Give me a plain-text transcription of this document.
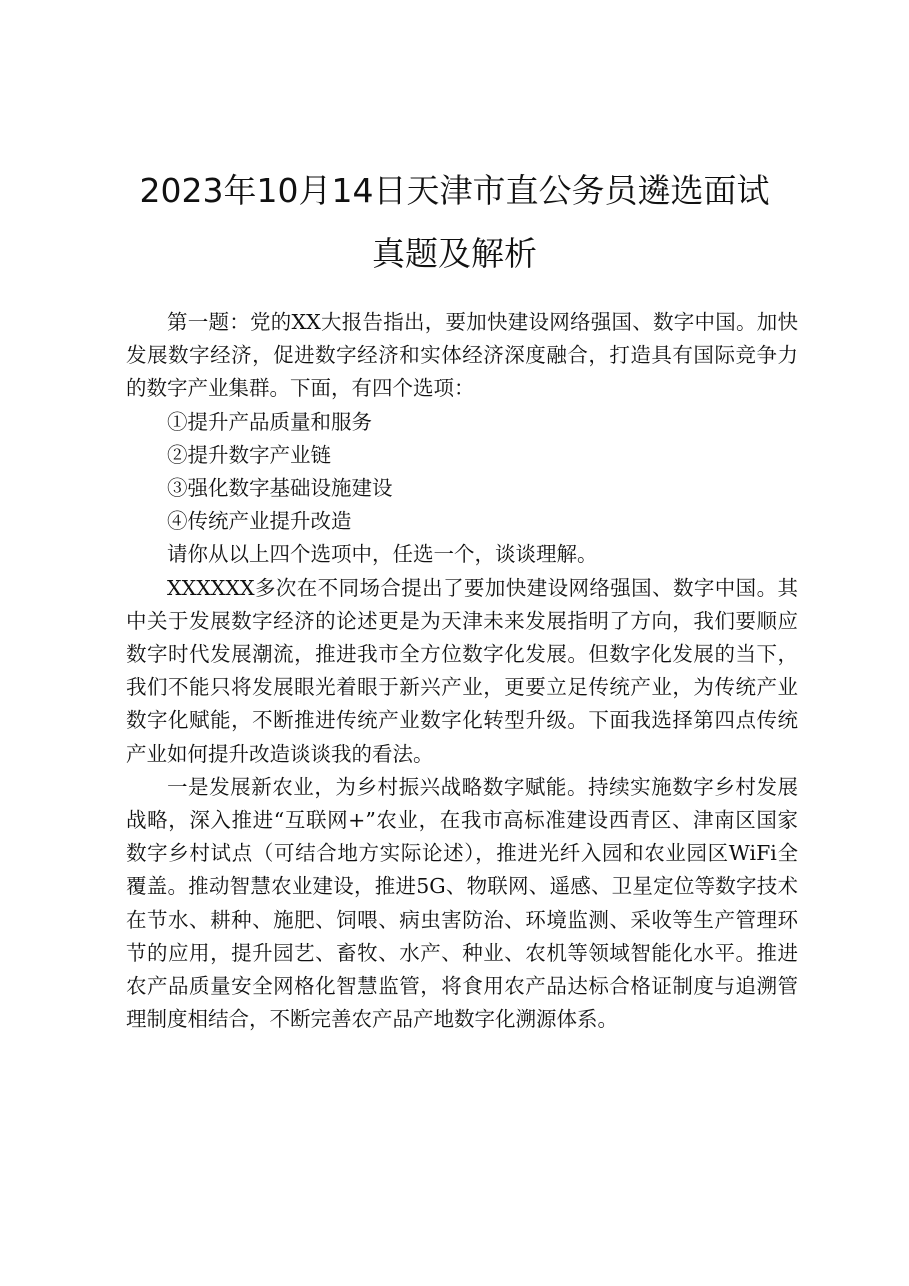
2023年10月14日天津市直公务员遴选面试
真题及解析

第一题：党的XX大报告指出，要加快建设网络强国、数字中国。加快发展数字经济，促进数字经济和实体经济深度融合，打造具有国际竞争力的数字产业集群。下面，有四个选项：

①提升产品质量和服务

②提升数字产业链

③强化数字基础设施建设

④传统产业提升改造

请你从以上四个选项中，任选一个，谈谈理解。

XXXXXX多次在不同场合提出了要加快建设网络强国、数字中国。其中关于发展数字经济的论述更是为天津未来发展指明了方向，我们要顺应数字时代发展潮流，推进我市全方位数字化发展。但数字化发展的当下，我们不能只将发展眼光着眼于新兴产业，更要立足传统产业，为传统产业数字化赋能，不断推进传统产业数字化转型升级。下面我选择第四点传统产业如何提升改造谈谈我的看法。

一是发展新农业，为乡村振兴战略数字赋能。持续实施数字乡村发展战略，深入推进“互联网+”农业，在我市高标准建设西青区、津南区国家数字乡村试点（可结合地方实际论述），推进光纤入园和农业园区WiFi全覆盖。推动智慧农业建设，推进5G、物联网、遥感、卫星定位等数字技术在节水、耕种、施肥、饲喂、病虫害防治、环境监测、采收等生产管理环节的应用，提升园艺、畜牧、水产、种业、农机等领域智能化水平。推进农产品质量安全网格化智慧监管，将食用农产品达标合格证制度与追溯管理制度相结合，不断完善农产品产地数字化溯源体系。
